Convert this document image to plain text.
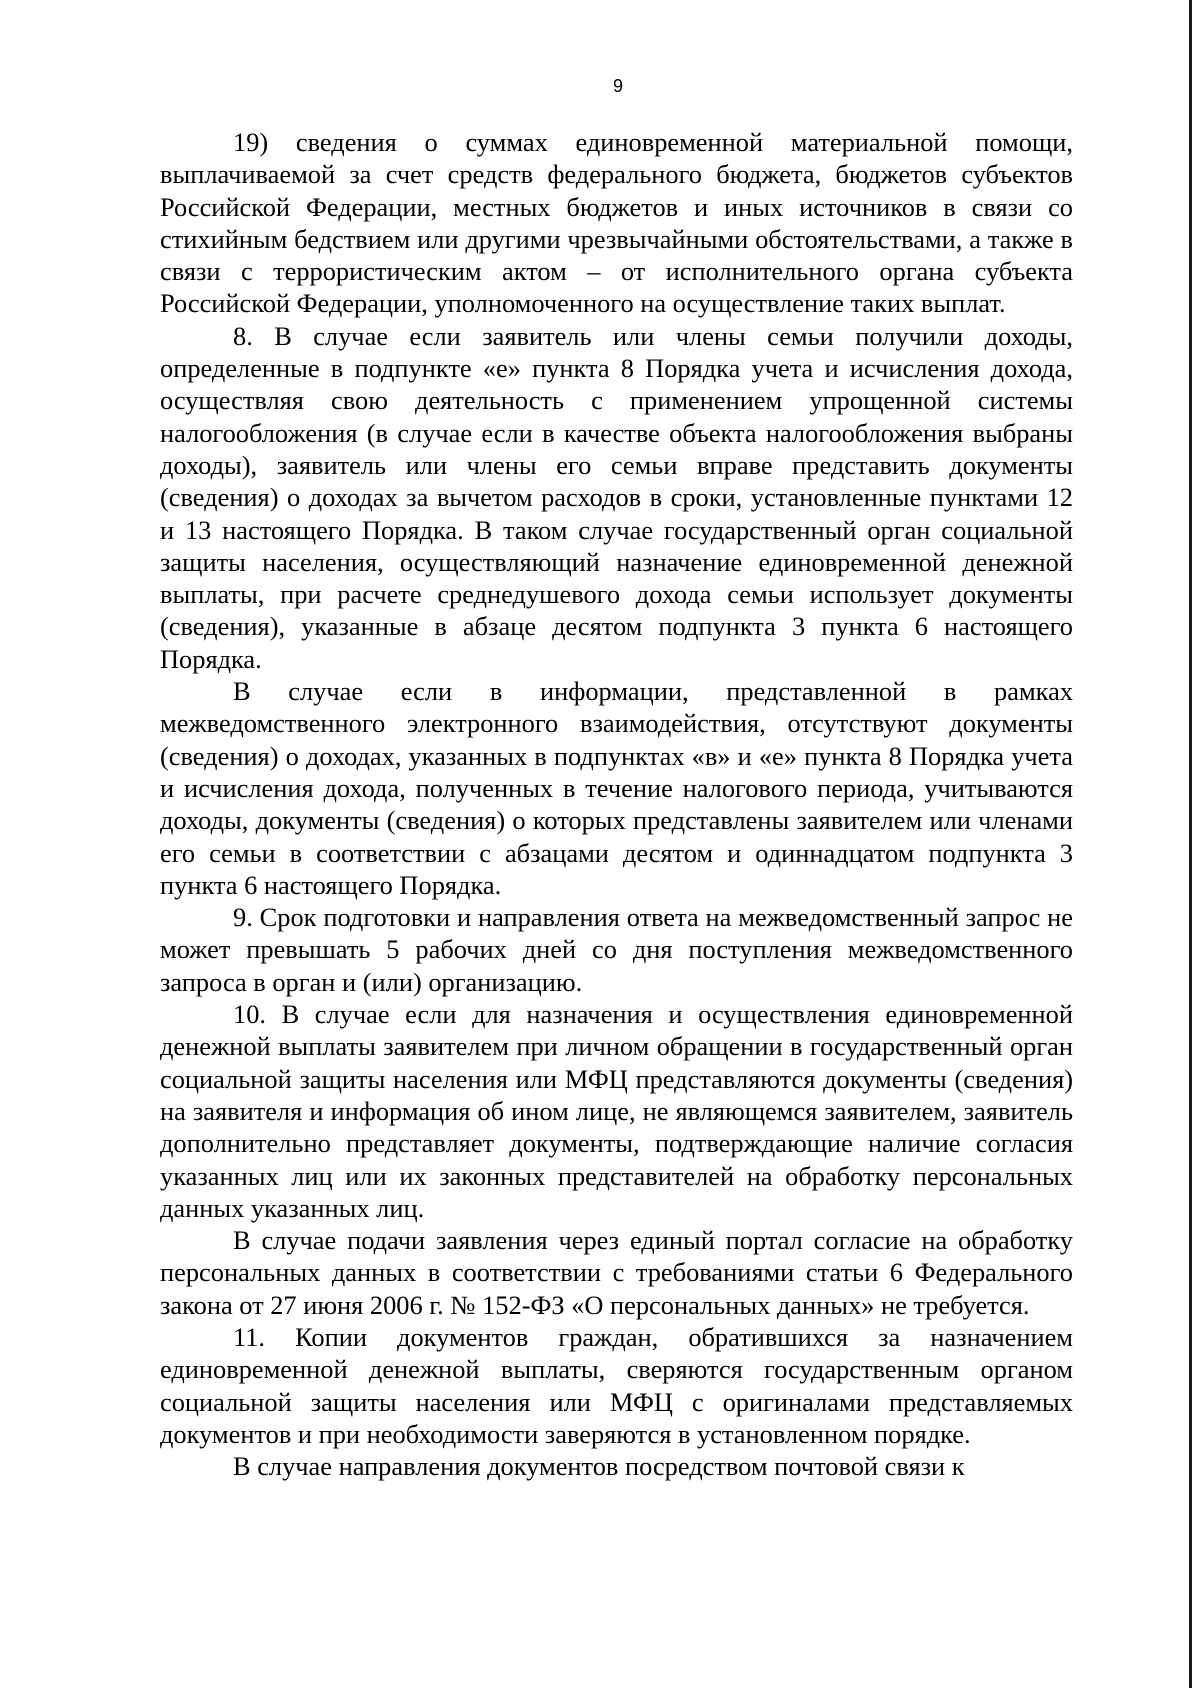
9

19) сведения о суммах единовременной материальной помощи, выплачиваемой за счет средств федерального бюджета, бюджетов субъектов Российской Федерации, местных бюджетов и иных источников в связи со стихийным бедствием или другими чрезвычайными обстоятельствами, а также в связи с террористическим актом – от исполнительного органа субъекта Российской Федерации, уполномоченного на осуществление таких выплат.

8. В случае если заявитель или члены семьи получили доходы, определенные в подпункте «е» пункта 8 Порядка учета и исчисления дохода, осуществляя свою деятельность с применением упрощенной системы налогообложения (в случае если в качестве объекта налогообложения выбраны доходы), заявитель или члены его семьи вправе представить документы (сведения) о доходах за вычетом расходов в сроки, установленные пунктами 12 и 13 настоящего Порядка. В таком случае государственный орган социальной защиты населения, осуществляющий назначение единовременной денежной выплаты, при расчете среднедушевого дохода семьи использует документы (сведения), указанные в абзаце десятом подпункта 3 пункта 6 настоящего Порядка.

В случае если в информации, представленной в рамках межведомственного электронного взаимодействия, отсутствуют документы (сведения) о доходах, указанных в подпунктах «в» и «е» пункта 8 Порядка учета и исчисления дохода, полученных в течение налогового периода, учитываются доходы, документы (сведения) о которых представлены заявителем или членами его семьи в соответствии с абзацами десятом и одиннадцатом подпункта 3 пункта 6 настоящего Порядка.

9. Срок подготовки и направления ответа на межведомственный запрос не может превышать 5 рабочих дней со дня поступления межведомственного запроса в орган и (или) организацию.

10. В случае если для назначения и осуществления единовременной денежной выплаты заявителем при личном обращении в государственный орган социальной защиты населения или МФЦ представляются документы (сведения) на заявителя и информация об ином лице, не являющемся заявителем, заявитель дополнительно представляет документы, подтверждающие наличие согласия указанных лиц или их законных представителей на обработку персональных данных указанных лиц.

В случае подачи заявления через единый портал согласие на обработку персональных данных в соответствии с требованиями статьи 6 Федерального закона от 27 июня 2006 г. № 152-ФЗ «О персональных данных» не требуется.

11. Копии документов граждан, обратившихся за назначением единовременной денежной выплаты, сверяются государственным органом социальной защиты населения или МФЦ с оригиналами представляемых документов и при необходимости заверяются в установленном порядке.

В случае направления документов посредством почтовой связи к
